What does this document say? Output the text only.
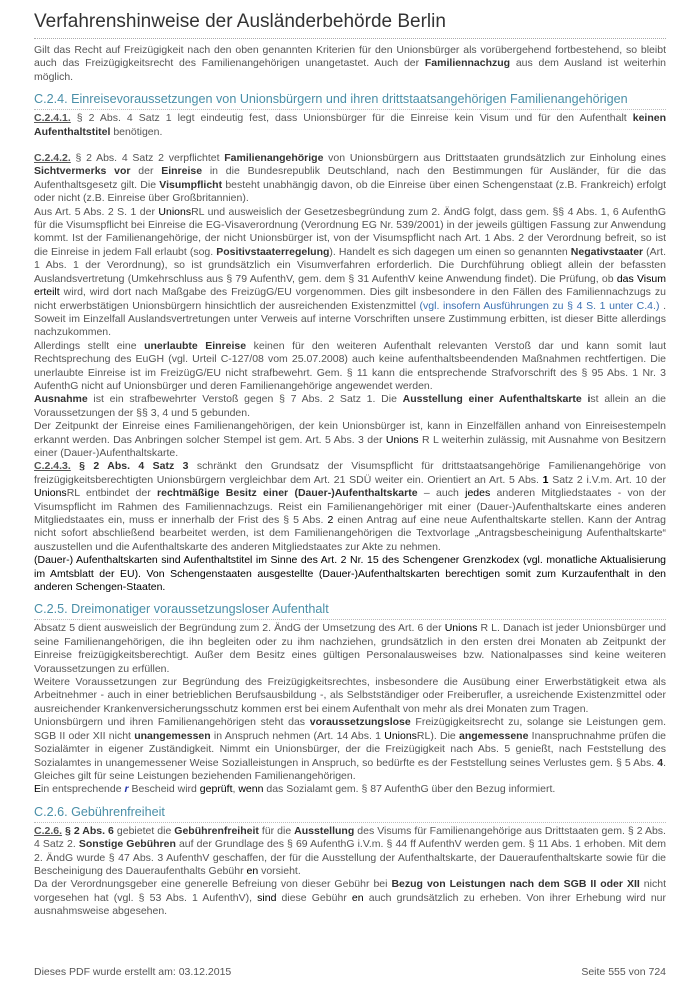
Verfahrenshinweise der Ausländerbehörde Berlin

Gilt das Recht auf Freizügigkeit nach den oben genannten Kriterien für den Unionsbürger als vorübergehend fortbestehend, so bleibt auch das Freizügigkeitsrecht des Familienangehörigen unangetastet. Auch der Familiennachzug aus dem Ausland ist weiterhin möglich.

C.2.4. Einreisevoraussetzungen von Unionsbürgern und ihren drittstaatsangehörigen Familienangehörigen

C.2.4.1. § 2 Abs. 4 Satz 1 legt eindeutig fest, dass Unionsbürger für die Einreise kein Visum und für den Aufenthalt keinen Aufenthaltstitel benötigen.

C.2.4.2. § 2 Abs. 4 Satz 2 verpflichtet Familienangehörige von Unionsbürgern aus Drittstaaten grundsätzlich zur Einholung eines Sichtvermerks vor der Einreise in die Bundesrepublik Deutschland, nach den Bestimmungen für Ausländer, für die das Aufenthaltsgesetz gilt. Die Visumpflicht besteht unabhängig davon, ob die Einreise über einen Schengenstaat (z.B. Frankreich) erfolgt oder nicht (z.B. Einreise über Großbritannien).

Aus Art. 5 Abs. 2 S. 1 der UnionsRL und ausweislich der Gesetzesbegründung zum 2. ÄndG folgt, dass gem. §§ 4 Abs. 1, 6 AufenthG für die Visumspflicht bei Einreise die EG-Visaverordnung (Verordnung EG Nr. 539/2001) in der jeweils gültigen Fassung zur Anwendung kommt. Ist der Familienangehörige, der nicht Unionsbürger ist, von der Visumspflicht nach Art. 1 Abs. 2 der Verordnung befreit, so ist die Einreise in jedem Fall erlaubt (sog. Positivstaaterregelung). Handelt es sich dagegen um einen so genannten Negativstaater (Art. 1 Abs. 1 der Verordnung), so ist grundsätzlich ein Visumverfahren erforderlich. Die Durchführung obliegt allein der befassten Auslandsvertretung (Umkehrschluss aus § 79 AufenthV, gem. dem § 31 AufenthV keine Anwendung findet). Die Prüfung, ob das Visum erteilt wird, wird dort nach Maßgabe des FreizügG/EU vorgenommen. Dies gilt insbesondere in den Fällen des Familiennachzugs zu nicht erwerbstätigen Unionsbürgern hinsichtlich der ausreichenden Existenzmittel (vgl. insofern Ausführungen zu § 4 S. 1 unter C.4.) . Soweit im Einzelfall Auslandsvertretungen unter Verweis auf interne Vorschriften unsere Zustimmung erbitten, ist dieser Bitte allerdings nachzukommen.

Allerdings stellt eine unerlaubte Einreise keinen für den weiteren Aufenthalt relevanten Verstoß dar und kann somit laut Rechtsprechung des EuGH (vgl. Urteil C-127/08 vom 25.07.2008) auch keine aufenthaltsbeendenden Maßnahmen rechtfertigen. Die unerlaubte Einreise ist im FreizügG/EU nicht strafbewehrt. Gem. § 11 kann die entsprechende Strafvorschrift des § 95 Abs. 1 Nr. 3 AufenthG nicht auf Unionsbürger und deren Familienangehörige angewendet werden.

Ausnahme ist ein strafbewehrter Verstoß gegen § 7 Abs. 2 Satz 1. Die Ausstellung einer Aufenthaltskarte ist allein an die Voraussetzungen der §§ 3, 4 und 5 gebunden.

Der Zeitpunkt der Einreise eines Familienangehörigen, der kein Unionsbürger ist, kann in Einzelfällen anhand von Einreisestempeln erkannt werden. Das Anbringen solcher Stempel ist gem. Art. 5 Abs. 3 der Unions R L weiterhin zulässig, mit Ausnahme von Besitzern einer (Dauer-)Aufenthaltskarte.

C.2.4.3. § 2 Abs. 4 Satz 3 schränkt den Grundsatz der Visumspflicht für drittstaatsangehörige Familienangehörige von freizügigkeitsberechtigten Unionsbürgern vergleichbar dem Art. 21 SDÜ weiter ein. Orientiert an Art. 5 Abs. 1 Satz 2 i.V.m. Art. 10 der UnionsRL entbindet der rechtmäßige Besitz einer (Dauer-)Aufenthaltskarte – auch jedes anderen Mitgliedstaates - von der Visumspflicht im Rahmen des Familiennachzugs. Reist ein Familienangehöriger mit einer (Dauer-)Aufenthaltskarte eines anderen Mitgliedstaates ein, muss er innerhalb der Frist des § 5 Abs. 2 einen Antrag auf eine neue Aufenthaltskarte stellen. Kann der Antrag nicht sofort abschließend bearbeitet werden, ist dem Familienangehörigen die Textvorlage „Antragsbescheinigung Aufenthaltskarte“ auszustellen und die Aufenthaltskarte des anderen Mitgliedstaates zur Akte zu nehmen.

(Dauer-) Aufenthaltskarten sind Aufenthaltstitel im Sinne des Art. 2 Nr. 15 des Schengener Grenzkodex (vgl. monatliche Aktualisierung im Amtsblatt der EU). Von Schengenstaaten ausgestellte (Dauer-)Aufenthaltskarten berechtigen somit zum Kurzaufenthalt in den anderen Schengen-Staaten.

C.2.5. Dreimonatiger voraussetzungsloser Aufenthalt

Absatz 5 dient ausweislich der Begründung zum 2. ÄndG der Umsetzung des Art. 6 der Unions R L. Danach ist jeder Unionsbürger und seine Familienangehörigen, die ihn begleiten oder zu ihm nachziehen, grundsätzlich in den ersten drei Monaten ab Zeitpunkt der Einreise freizügigkeitsberechtigt. Außer dem Besitz eines gültigen Personalausweises bzw. Nationalpasses sind keine weiteren Voraussetzungen zu erfüllen.

Weitere Voraussetzungen zur Begründung des Freizügigkeitsrechtes, insbesondere die Ausübung einer Erwerbstätigkeit etwa als Arbeitnehmer - auch in einer betrieblichen Berufsausbildung -, als Selbstständiger oder Freiberufler, a usreichende Existenzmittel oder ausreichender Krankenversicherungsschutz kommen erst bei einem Aufenthalt von mehr als drei Monaten zum Tragen.

Unionsbürgern und ihren Familienangehörigen steht das voraussetzungslose Freizügigkeitsrecht zu, solange sie Leistungen gem. SGB II oder XII nicht unangemessen in Anspruch nehmen (Art. 14 Abs. 1 UnionsRL). Die angemessene Inanspruchnahme prüfen die Sozialämter in eigener Zuständigkeit. Nimmt ein Unionsbürger, der die Freizügigkeit nach Abs. 5 genießt, nach Feststellung des Sozialamtes in unangemessener Weise Sozialleistungen in Anspruch, so bedürfte es der Feststellung seines Verlustes gem. § 5 Abs. 4. Gleiches gilt für seine Leistungen beziehenden Familienangehörigen.

Ein entsprechende r Bescheid wird geprüft, wenn das Sozialamt gem. § 87 AufenthG über den Bezug informiert.

C.2.6. Gebührenfreiheit

C.2.6. § 2 Abs. 6 gebietet die Gebührenfreiheit für die Ausstellung des Visums für Familienangehörige aus Drittstaaten gem. § 2 Abs. 4 Satz 2. Sonstige Gebühren auf der Grundlage des § 69 AufenthG i.V.m. § 44 ff AufenthV werden gem. § 11 Abs. 1 erhoben. Mit dem 2. ÄndG wurde § 47 Abs. 3 AufenthV geschaffen, der für die Ausstellung der Aufenthaltskarte, der Daueraufenthaltskarte sowie für die Bescheinigung des Daueraufenthalts Gebühr en vorsieht.

Da der Verordnungsgeber eine generelle Befreiung von dieser Gebühr bei Bezug von Leistungen nach dem SGB II oder XII nicht vorgesehen hat (vgl. § 53 Abs. 1 AufenthV), sind diese Gebühr en auch grundsätzlich zu erheben. Von ihrer Erhebung wird nur ausnahmsweise abgesehen.

Dieses PDF wurde erstellt am: 03.12.2015	Seite 555 von 724
